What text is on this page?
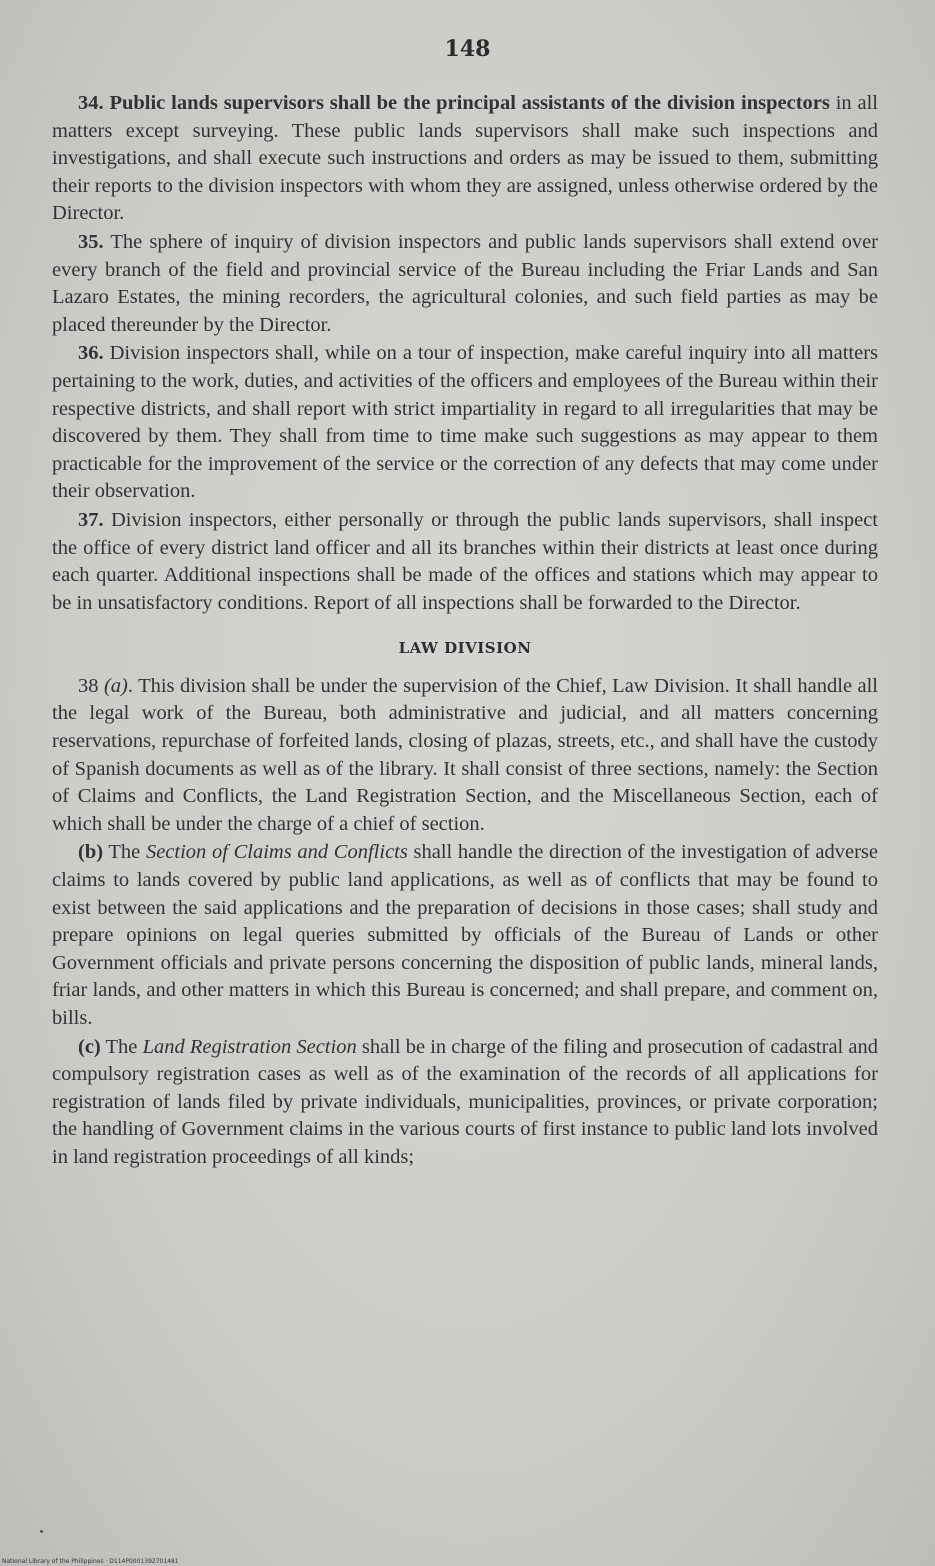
148

34. Public lands supervisors shall be the principal assistants of the division inspectors in all matters except surveying. These public lands supervisors shall make such inspections and investigations, and shall execute such instructions and orders as may be issued to them, submitting their reports to the division inspectors with whom they are assigned, unless otherwise ordered by the Director.

35. The sphere of inquiry of division inspectors and public lands supervisors shall extend over every branch of the field and provincial service of the Bureau including the Friar Lands and San Lazaro Estates, the mining recorders, the agricultural colonies, and such field parties as may be placed thereunder by the Director.

36. Division inspectors shall, while on a tour of inspection, make careful inquiry into all matters pertaining to the work, duties, and activities of the officers and employees of the Bureau within their respective districts, and shall report with strict impartiality in regard to all irregularities that may be discovered by them. They shall from time to time make such suggestions as may appear to them practicable for the improvement of the service or the correction of any defects that may come under their observation.

37. Division inspectors, either personally or through the public lands supervisors, shall inspect the office of every district land officer and all its branches within their districts at least once during each quarter. Additional inspections shall be made of the offices and stations which may appear to be in unsatisfactory conditions. Report of all inspections shall be forwarded to the Director.

LAW DIVISION

38 (a). This division shall be under the supervision of the Chief, Law Division. It shall handle all the legal work of the Bureau, both administrative and judicial, and all matters concerning reservations, repurchase of forfeited lands, closing of plazas, streets, etc., and shall have the custody of Spanish documents as well as of the library. It shall consist of three sections, namely: the Section of Claims and Conflicts, the Land Registration Section, and the Miscellaneous Section, each of which shall be under the charge of a chief of section.

(b) The Section of Claims and Conflicts shall handle the direction of the investigation of adverse claims to lands covered by public land applications, as well as of conflicts that may be found to exist between the said applications and the preparation of decisions in those cases; shall study and prepare opinions on legal queries submitted by officials of the Bureau of Lands or other Government officials and private persons concerning the disposition of public lands, mineral lands, friar lands, and other matters in which this Bureau is concerned; and shall prepare, and comment on, bills.

(c) The Land Registration Section shall be in charge of the filing and prosecution of cadastral and compulsory registration cases as well as of the examination of the records of all applications for registration of lands filed by private individuals, municipalities, provinces, or private corporation; the handling of Government claims in the various courts of first instance to public land lots involved in land registration proceedings of all kinds;

National Library of the Philippines · D114P0001392701481
